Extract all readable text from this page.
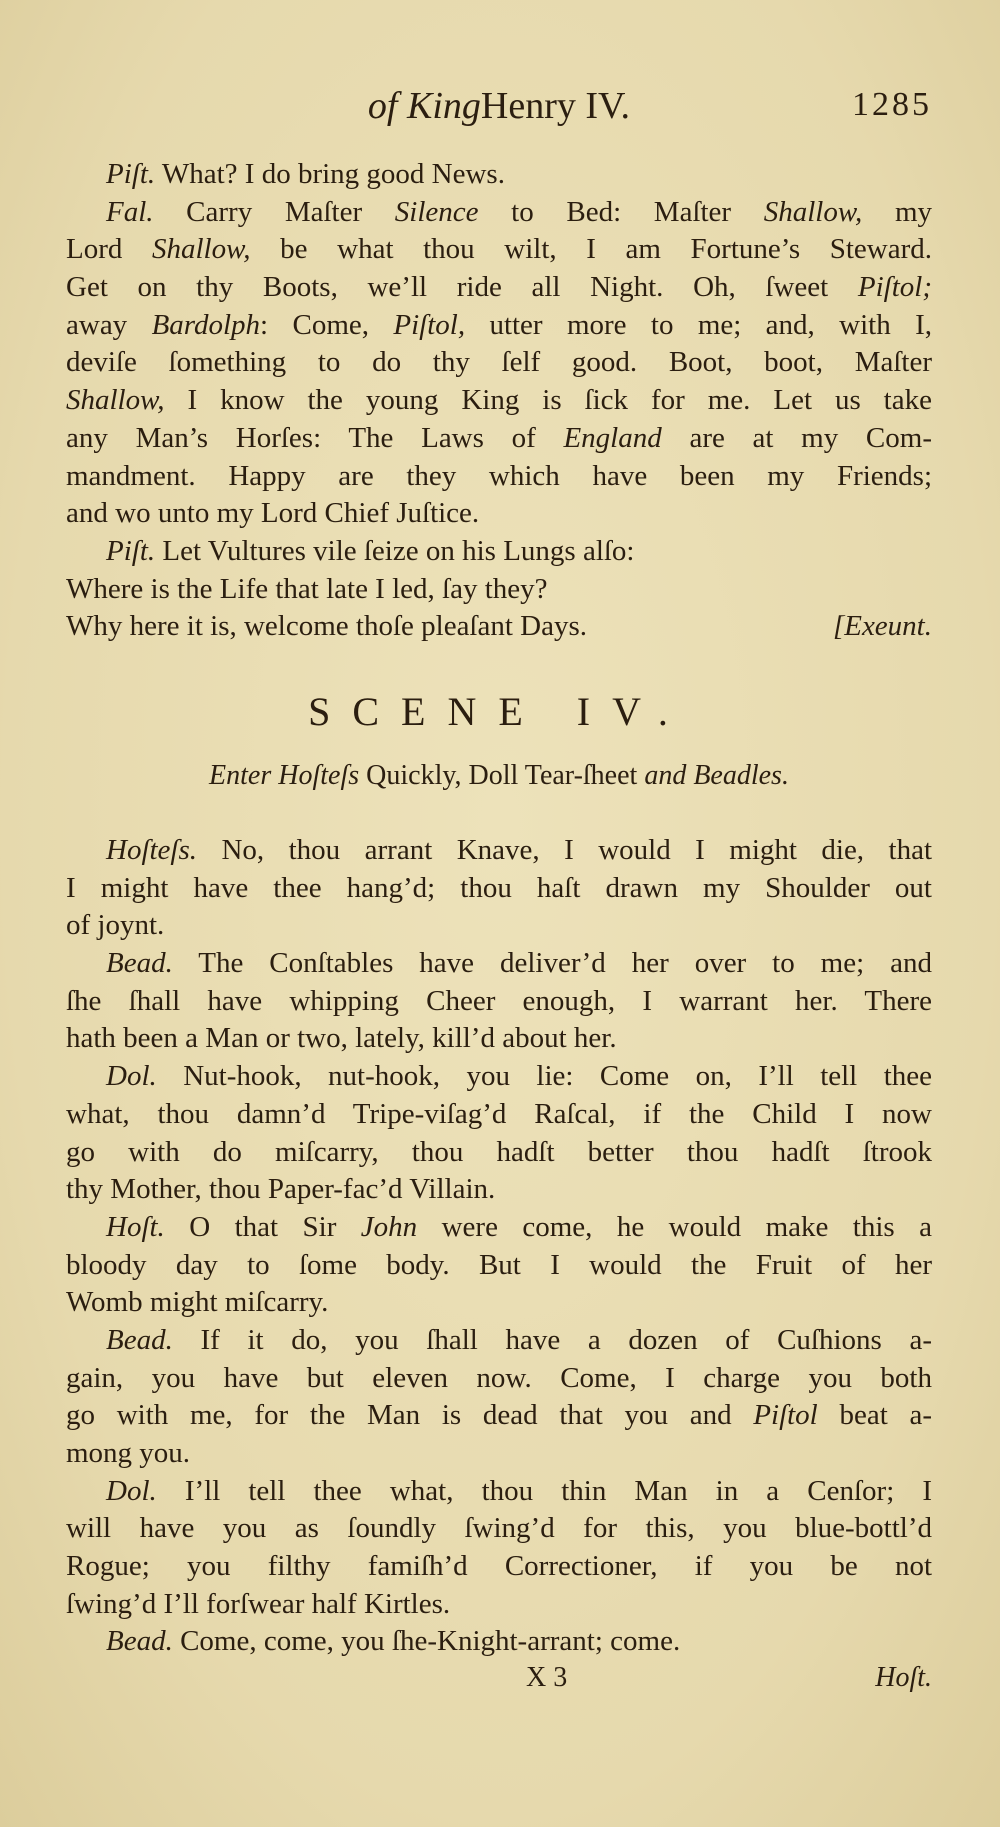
of KingHenry IV.	1285
Piſt. What? I do bring good News.
Fal. Carry Maſter Silence to Bed: Maſter Shallow, my
Lord Shallow, be what thou wilt, I am Fortune’s Steward.
Get on thy Boots, we’ll ride all Night. Oh, ſweet Piſtol;
away Bardolph: Come, Piſtol, utter more to me; and, with I,
deviſe ſomething to do thy ſelf good. Boot, boot, Maſter
Shallow, I know the young King is ſick for me. Let us take
any Man’s Horſes: The Laws of England are at my Com-
mandment. Happy are they which have been my Friends;
and wo unto my Lord Chief Juſtice.
Piſt. Let Vultures vile ſeize on his Lungs alſo:
Where is the Life that late I led, ſay they?
Why here it is, welcome thoſe pleaſant Days.	[Exeunt.
SCENE IV.
Enter Hoſteſs Quickly, Doll Tear-ſheet and Beadles.
Hoſteſs. No, thou arrant Knave, I would I might die, that
I might have thee hang’d; thou haſt drawn my Shoulder out
of joynt.
Bead. The Conſtables have deliver’d her over to me; and
ſhe ſhall have whipping Cheer enough, I warrant her. There
hath been a Man or two, lately, kill’d about her.
Dol. Nut-hook, nut-hook, you lie: Come on, I’ll tell thee
what, thou damn’d Tripe-viſag’d Raſcal, if the Child I now
go with do miſcarry, thou hadſt better thou hadſt ſtrook
thy Mother, thou Paper-fac’d Villain.
Hoſt. O that Sir John were come, he would make this a
bloody day to ſome body. But I would the Fruit of her
Womb might miſcarry.
Bead. If it do, you ſhall have a dozen of Cuſhions a-
gain, you have but eleven now. Come, I charge you both
go with me, for the Man is dead that you and Piſtol beat a-
mong you.
Dol. I’ll tell thee what, thou thin Man in a Cenſor; I
will have you as ſoundly ſwing’d for this, you blue-bottl’d
Rogue; you filthy famiſh’d Correctioner, if you be not
ſwing’d I’ll forſwear half Kirtles.
Bead. Come, come, you ſhe-Knight-arrant; come.
X 3	Hoſt.
